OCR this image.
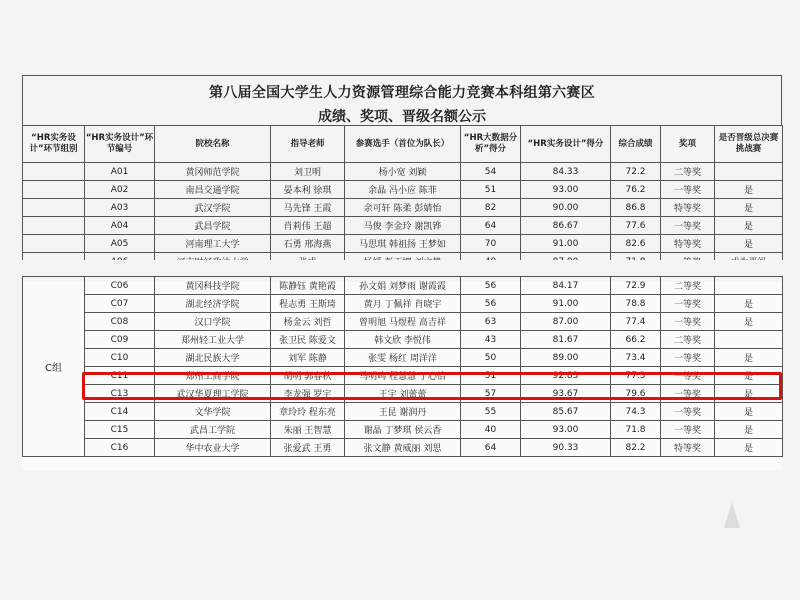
第八届全国大学生人力资源管理综合能力竞赛本科组第六赛区
成绩、奖项、晋级名额公示
“HR实务设计”环节组别	“HR实务设计”环节编号	院校名称	指导老师	参赛选手（首位为队长）	“HR大数据分析”得分	“HR实务设计”得分	综合成绩	奖项	是否晋级总决赛挑战赛
	A01	黄冈师范学院	刘卫明	杨小宽 刘颖	54	84.33	72.2	二等奖	
	A02	南昌交通学院	晏本利 徐琪	余晶 冯小应 陈菲	51	93.00	76.2	一等奖	是
	A03	武汉学院	马先锋 王霞	余可轩 陈柔 彭婧怡	82	90.00	86.8	特等奖	是
	A04	武昌学院	肖莉伟 王超	马俊 李金玲 谢凯铧	64	86.67	77.6	一等奖	是
	A05	河南理工大学	石勇 邢海燕	马思琪 韩祖扬 王梦如	70	91.00	82.6	特等奖	是

C组	C06	黄冈科技学院	陈静钰 黄艳霞	孙文娟 刘梦雨 谢霞霞	56	84.17	72.9	二等奖	
	C07	湖北经济学院	程志勇 王斯琦	黄月 丁佩祥 肖晓宇	56	91.00	78.8	一等奖	是
	C08	汉口学院	杨金云 刘哲	曾明旭 马煜程 高吉祥	63	87.00	77.4	一等奖	是
	C09	郑州轻工业大学	张卫民 陈爱文	韩文欣 李悦伟	43	81.67	66.2	二等奖	
	C10	湖北民族大学	刘军 陈静	张雯 杨红 周洋洋	50	89.00	73.4	一等奖	是
	C11	郑州工商学院	胡明 郭春秋	马明鸣 程慧慧 丁心怡	51	92.83	77.3	一等奖	是
	C13	武汉华夏理工学院	李龙强 罗宇	王宇 刘蕾蕾	57	93.67	79.6	一等奖	是
	C14	文华学院	章玲玲 程东亮	王昆 谢润丹	55	85.67	74.3	一等奖	是
	C15	武昌工学院	朱丽 王智慧	谢晶 丁梦琪 侯云香	40	93.00	71.8	一等奖	是
	C16	华中农业大学	张爱武 王勇	张文静 黄威丽 刘思	64	90.33	82.2	特等奖	是
